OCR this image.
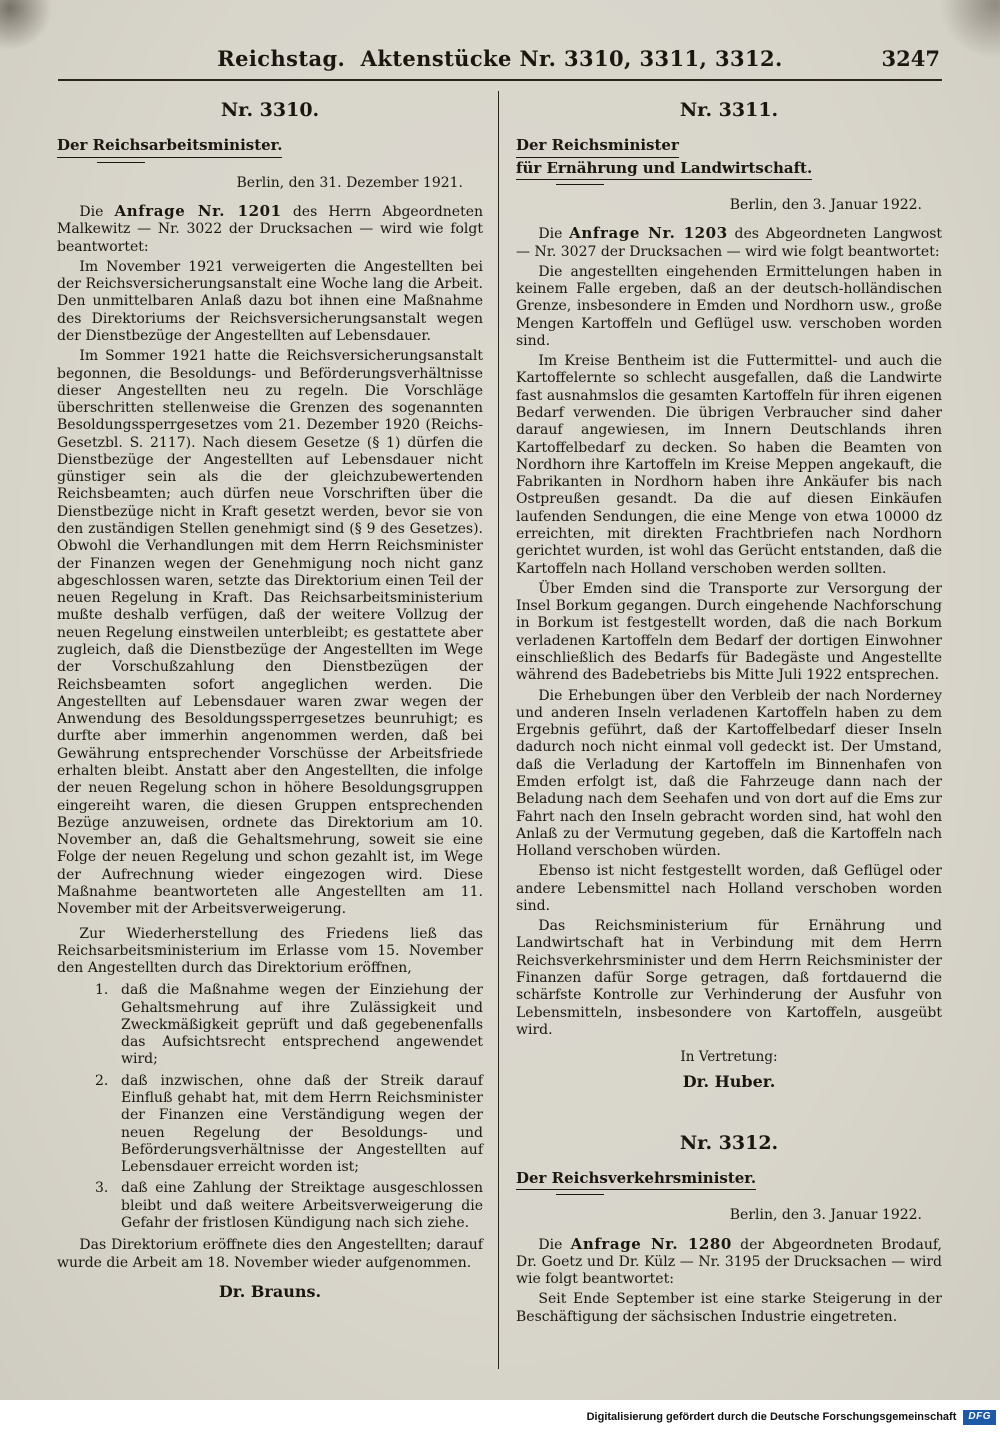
Reichstag.  Aktenstücke Nr. 3310, 3311, 3312.	3247
Nr. 3310.
Der Reichsarbeitsminister.
Berlin, den 31. Dezember 1921.

Die Anfrage Nr. 1201 des Herrn Abgeordneten Malkewitz — Nr. 3022 der Drucksachen — wird wie folgt beantwortet:

Im November 1921 verweigerten die Angestellten bei der Reichsversicherungsanstalt eine Woche lang die Arbeit. Den unmittelbaren Anlaß dazu bot ihnen eine Maßnahme des Direktoriums der Reichsversicherungsanstalt wegen der Dienstbezüge der Angestellten auf Lebensdauer.

Im Sommer 1921 hatte die Reichsversicherungsanstalt begonnen, die Besoldungs- und Beförderungsverhältnisse dieser Angestellten neu zu regeln. Die Vorschläge überschritten stellenweise die Grenzen des sogenannten Besoldungssperrgesetzes vom 21. Dezember 1920 (Reichs-Gesetzbl. S. 2117). Nach diesem Gesetze (§ 1) dürfen die Dienstbezüge der Angestellten auf Lebensdauer nicht günstiger sein als die der gleichzubewertenden Reichsbeamten; auch dürfen neue Vorschriften über die Dienstbezüge nicht in Kraft gesetzt werden, bevor sie von den zuständigen Stellen genehmigt sind (§ 9 des Gesetzes). Obwohl die Verhandlungen mit dem Herrn Reichsminister der Finanzen wegen der Genehmigung noch nicht ganz abgeschlossen waren, setzte das Direktorium einen Teil der neuen Regelung in Kraft. Das Reichsarbeitsministerium mußte deshalb verfügen, daß der weitere Vollzug der neuen Regelung einstweilen unterbleibt; es gestattete aber zugleich, daß die Dienstbezüge der Angestellten im Wege der Vorschußzahlung den Dienstbezügen der Reichsbeamten sofort angeglichen werden. Die Angestellten auf Lebensdauer waren zwar wegen der Anwendung des Besoldungssperrgesetzes beunruhigt; es durfte aber immerhin angenommen werden, daß bei Gewährung entsprechender Vorschüsse der Arbeitsfriede erhalten bleibt. Anstatt aber den Angestellten, die infolge der neuen Regelung schon in höhere Besoldungsgruppen eingereiht waren, die diesen Gruppen entsprechenden Bezüge anzuweisen, ordnete das Direktorium am 10. November an, daß die Gehaltsmehrung, soweit sie eine Folge der neuen Regelung und schon gezahlt ist, im Wege der Aufrechnung wieder eingezogen wird. Diese Maßnahme beantworteten alle Angestellten am 11. November mit der Arbeitsverweigerung.

Zur Wiederherstellung des Friedens ließ das Reichsarbeitsministerium im Erlasse vom 15. November den Angestellten durch das Direktorium eröffnen,

1. daß die Maßnahme wegen der Einziehung der Gehaltsmehrung auf ihre Zulässigkeit und Zweckmäßigkeit geprüft und daß gegebenenfalls das Aufsichtsrecht entsprechend angewendet wird;
2. daß inzwischen, ohne daß der Streik darauf Einfluß gehabt hat, mit dem Herrn Reichsminister der Finanzen eine Verständigung wegen der neuen Regelung der Besoldungs- und Beförderungsverhältnisse der Angestellten auf Lebensdauer erreicht worden ist;
3. daß eine Zahlung der Streiktage ausgeschlossen bleibt und daß weitere Arbeitsverweigerung die Gefahr der fristlosen Kündigung nach sich ziehe.

Das Direktorium eröffnete dies den Angestellten; darauf wurde die Arbeit am 18. November wieder aufgenommen.

Dr. Brauns.
Nr. 3311.
Der Reichsminister
für Ernährung und Landwirtschaft.
Berlin, den 3. Januar 1922.

Die Anfrage Nr. 1203 des Abgeordneten Langwost — Nr. 3027 der Drucksachen — wird wie folgt beantwortet:

Die angestellten eingehenden Ermittelungen haben in keinem Falle ergeben, daß an der deutsch-holländischen Grenze, insbesondere in Emden und Nordhorn usw., große Mengen Kartoffeln und Geflügel usw. verschoben worden sind.

Im Kreise Bentheim ist die Futtermittel- und auch die Kartoffelernte so schlecht ausgefallen, daß die Landwirte fast ausnahmslos die gesamten Kartoffeln für ihren eigenen Bedarf verwenden. Die übrigen Verbraucher sind daher darauf angewiesen, im Innern Deutschlands ihren Kartoffelbedarf zu decken. So haben die Beamten von Nordhorn ihre Kartoffeln im Kreise Meppen angekauft, die Fabrikanten in Nordhorn haben ihre Ankäufer bis nach Ostpreußen gesandt. Da die auf diesen Einkäufen laufenden Sendungen, die eine Menge von etwa 10000 dz erreichten, mit direkten Frachtbriefen nach Nordhorn gerichtet wurden, ist wohl das Gerücht entstanden, daß die Kartoffeln nach Holland verschoben werden sollten.

Über Emden sind die Transporte zur Versorgung der Insel Borkum gegangen. Durch eingehende Nachforschung in Borkum ist festgestellt worden, daß die nach Borkum verladenen Kartoffeln dem Bedarf der dortigen Einwohner einschließlich des Bedarfs für Badegäste und Angestellte während des Badebetriebs bis Mitte Juli 1922 entsprechen.

Die Erhebungen über den Verbleib der nach Norderney und anderen Inseln verladenen Kartoffeln haben zu dem Ergebnis geführt, daß der Kartoffelbedarf dieser Inseln dadurch noch nicht einmal voll gedeckt ist. Der Umstand, daß die Verladung der Kartoffeln im Binnenhafen von Emden erfolgt ist, daß die Fahrzeuge dann nach der Beladung nach dem Seehafen und von dort auf die Ems zur Fahrt nach den Inseln gebracht worden sind, hat wohl den Anlaß zu der Vermutung gegeben, daß die Kartoffeln nach Holland verschoben würden.

Ebenso ist nicht festgestellt worden, daß Geflügel oder andere Lebensmittel nach Holland verschoben worden sind.

Das Reichsministerium für Ernährung und Landwirtschaft hat in Verbindung mit dem Herrn Reichsverkehrsminister und dem Herrn Reichsminister der Finanzen dafür Sorge getragen, daß fortdauernd die schärfste Kontrolle zur Verhinderung der Ausfuhr von Lebensmitteln, insbesondere von Kartoffeln, ausgeübt wird.

In Vertretung:
Dr. Huber.
Nr. 3312.
Der Reichsverkehrsminister.
Berlin, den 3. Januar 1922.

Die Anfrage Nr. 1280 der Abgeordneten Brodauf, Dr. Goetz und Dr. Külz — Nr. 3195 der Drucksachen — wird wie folgt beantwortet:

Seit Ende September ist eine starke Steigerung in der Beschäftigung der sächsischen Industrie eingetreten.

Digitalisierung gefördert durch die Deutsche Forschungsgemeinschaft	DFG
